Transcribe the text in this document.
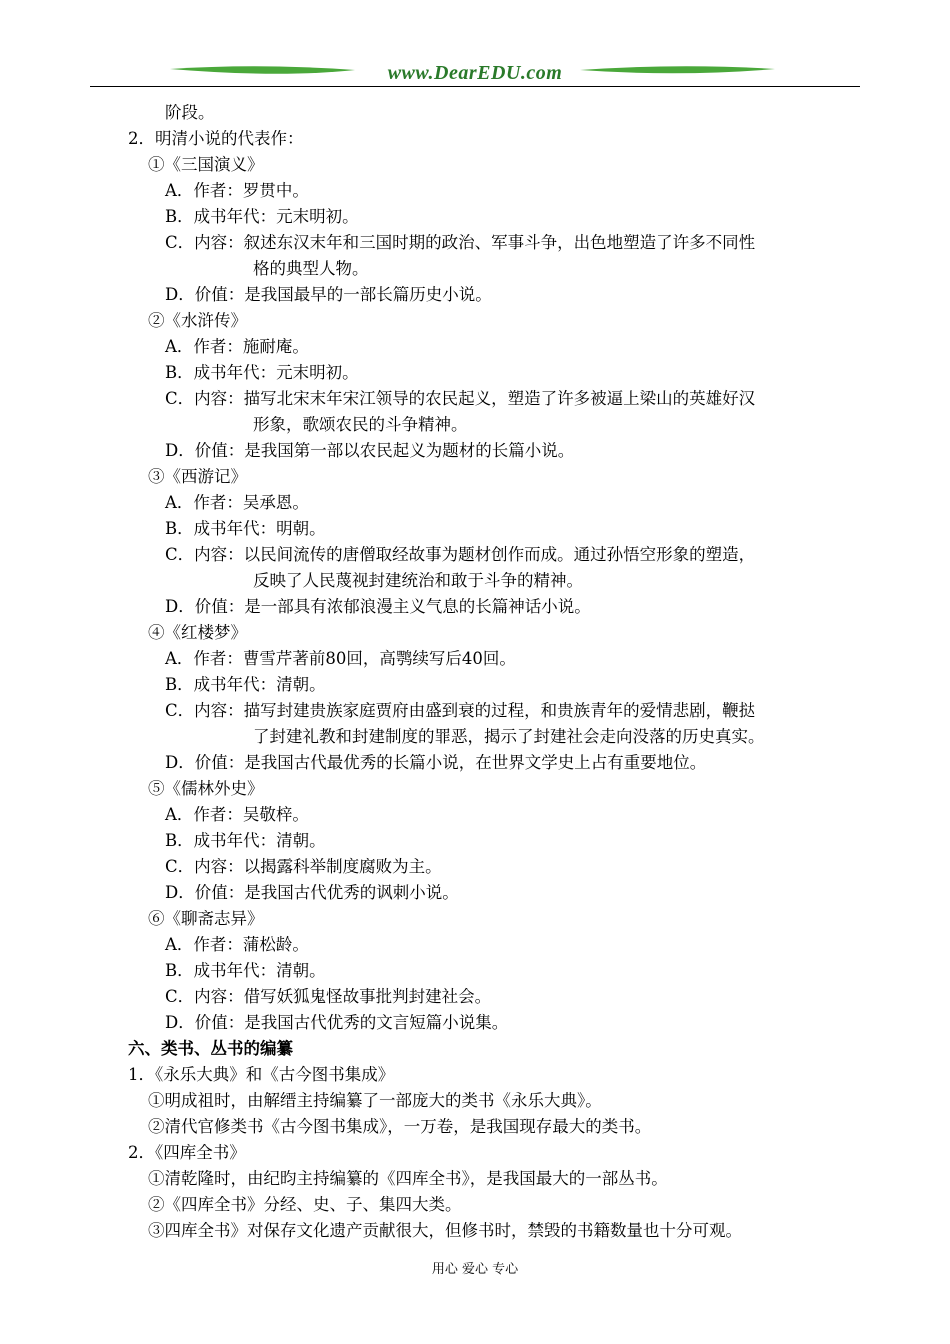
www.DearEDU.com
阶段。
2．明清小说的代表作：
①《三国演义》
A．作者：罗贯中。
B．成书年代：元末明初。
C．内容：叙述东汉末年和三国时期的政治、军事斗争，出色地塑造了许多不同性
格的典型人物。
D．价值：是我国最早的一部长篇历史小说。
②《水浒传》
A．作者：施耐庵。
B．成书年代：元末明初。
C．内容：描写北宋末年宋江领导的农民起义，塑造了许多被逼上梁山的英雄好汉
形象，歌颂农民的斗争精神。
D．价值：是我国第一部以农民起义为题材的长篇小说。
③《西游记》
A．作者：吴承恩。
B．成书年代：明朝。
C．内容：以民间流传的唐僧取经故事为题材创作而成。通过孙悟空形象的塑造，
反映了人民蔑视封建统治和敢于斗争的精神。
D．价值：是一部具有浓郁浪漫主义气息的长篇神话小说。
④《红楼梦》
A．作者：曹雪芹著前80回，高鹗续写后40回。
B．成书年代：清朝。
C．内容：描写封建贵族家庭贾府由盛到衰的过程，和贵族青年的爱情悲剧，鞭挞
了封建礼教和封建制度的罪恶，揭示了封建社会走向没落的历史真实。
D．价值：是我国古代最优秀的长篇小说，在世界文学史上占有重要地位。
⑤《儒林外史》
A．作者：吴敬梓。
B．成书年代：清朝。
C．内容：以揭露科举制度腐败为主。
D．价值：是我国古代优秀的讽刺小说。
⑥《聊斋志异》
A．作者：蒲松龄。
B．成书年代：清朝。
C．内容：借写妖狐鬼怪故事批判封建社会。
D．价值：是我国古代优秀的文言短篇小说集。
六、类书、丛书的编纂
1．《永乐大典》和《古今图书集成》
①明成祖时，由解缙主持编纂了一部庞大的类书《永乐大典》。
②清代官修类书《古今图书集成》，一万卷，是我国现存最大的类书。
2．《四库全书》
①清乾隆时，由纪昀主持编纂的《四库全书》，是我国最大的一部丛书。
②《四库全书》分经、史、子、集四大类。
③四库全书》对保存文化遗产贡献很大，但修书时，禁毁的书籍数量也十分可观。
用心 爱心 专心
